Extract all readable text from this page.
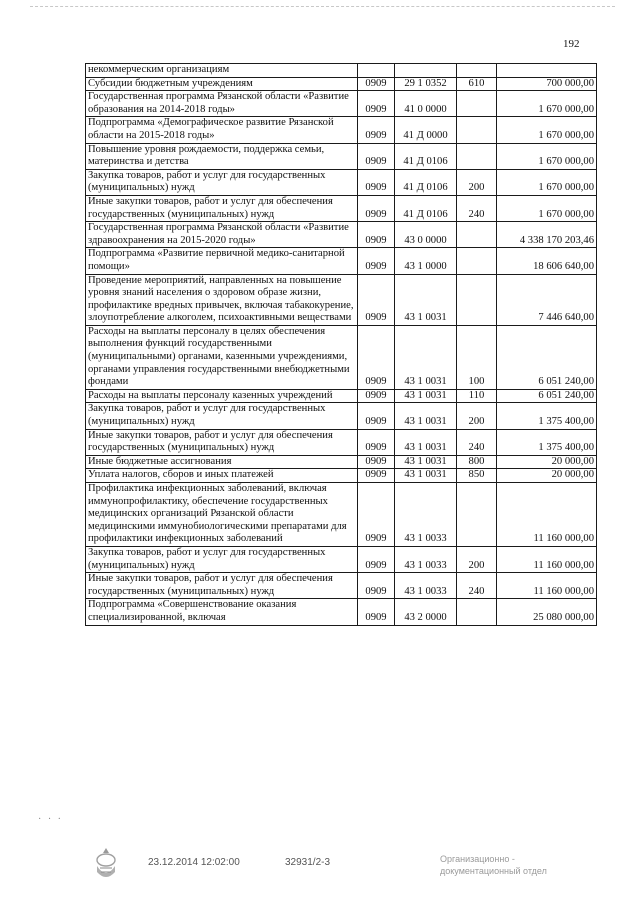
192
некоммерческим организациям				
Субсидии бюджетным учреждениям	0909	29 1 0352	610	700 000,00
Государственная программа Рязанской области «Развитие образования на 2014-2018 годы»	0909	41 0 0000		1 670 000,00
Подпрограмма «Демографическое развитие Рязанской области на 2015-2018 годы»	0909	41 Д 0000		1 670 000,00
Повышение уровня рождаемости, поддержка семьи, материнства и детства	0909	41 Д 0106		1 670 000,00
Закупка товаров, работ и услуг для государственных (муниципальных) нужд	0909	41 Д 0106	200	1 670 000,00
Иные закупки товаров, работ и услуг для обеспечения государственных (муниципальных) нужд	0909	41 Д 0106	240	1 670 000,00
Государственная программа Рязанской области «Развитие здравоохранения на 2015-2020 годы»	0909	43 0 0000		4 338 170 203,46
Подпрограмма «Развитие первичной медико-санитарной помощи»	0909	43 1 0000		18 606 640,00
Проведение мероприятий, направленных на повышение уровня знаний населения о здоровом образе жизни, профилактике вредных привычек, включая табакокурение, злоупотребление алкоголем, психоактивными веществами	0909	43 1 0031		7 446 640,00
Расходы на выплаты персоналу в целях обеспечения выполнения функций государственными (муниципальными) органами, казенными учреждениями, органами управления государственными внебюджетными фондами	0909	43 1 0031	100	6 051 240,00
Расходы на выплаты персоналу казенных учреждений	0909	43 1 0031	110	6 051 240,00
Закупка товаров, работ и услуг для государственных (муниципальных) нужд	0909	43 1 0031	200	1 375 400,00
Иные закупки товаров, работ и услуг для обеспечения государственных (муниципальных) нужд	0909	43 1 0031	240	1 375 400,00
Иные бюджетные ассигнования	0909	43 1 0031	800	20 000,00
Уплата налогов, сборов и иных платежей	0909	43 1 0031	850	20 000,00
Профилактика инфекционных заболеваний, включая иммунопрофилактику, обеспечение государственных медицинских организаций Рязанской области медицинскими иммунобиологическими препаратами для профилактики инфекционных заболеваний	0909	43 1 0033		11 160 000,00
Закупка товаров, работ и услуг для государственных (муниципальных) нужд	0909	43 1 0033	200	11 160 000,00
Иные закупки товаров, работ и услуг для обеспечения государственных (муниципальных) нужд	0909	43 1 0033	240	11 160 000,00
Подпрограмма «Совершенствование оказания специализированной, включая	0909	43 2 0000		25 080 000,00
23.12.2014 12:02:00	32931/2-3	Организационно -
документационный отдел
· · ·
